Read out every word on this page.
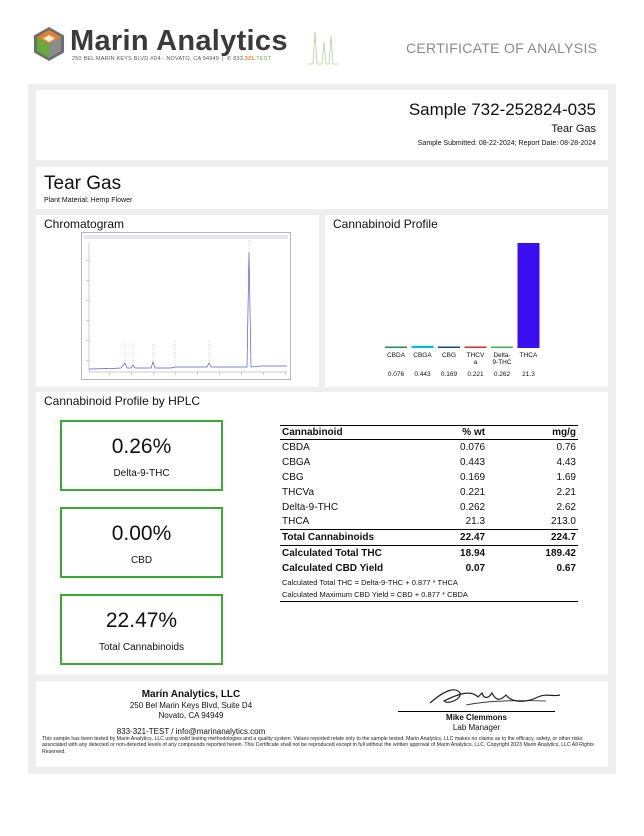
Marin Analytics
250 BEL MARIN KEYS BLVD #D4 - NOVATO, CA 94949 | ✆ 833.321.TEST
CERTIFICATE OF ANALYSIS
Sample 732-252824-035
Tear Gas
Sample Submitted: 08-22-2024; Report Date: 08-28-2024
Tear Gas
Plant Material: Hemp Flower
Chromatogram	Cannabinoid Profile
CBDA
0.076
CBGA
0.443
CBG
0.169
THCV
a
0.221
Delta-
9-THC
0.262
THCA
21.3
Cannabinoid Profile by HPLC
0.26%
Delta-9-THC
0.00%
CBD
22.47%
Total Cannabinoids
Cannabinoid	% wt	mg/g
CBDA	0.076	0.76
CBGA	0.443	4.43
CBG	0.169	1.69
THCVa	0.221	2.21
Delta-9-THC	0.262	2.62
THCA	21.3	213.0
Total Cannabinoids	22.47	224.7
Calculated Total THC	18.94	189.42
Calculated CBD Yield	0.07	0.67
Calculated Total THC = Delta-9-THC + 0.877 * THCA		
Calculated Maximum CBD Yield = CBD + 0.877 * CBDA		
Marin Analytics, LLC
250 Bel Marin Keys Blvd, Suite D4
Novato, CA 94949
833-321-TEST / info@marinanalytics.com
Mike Clemmons
Lab Manager
This sample has been tested by Marin Analytics, LLC using valid testing methodologies and a quality system. Values reported relate only to the sample tested. Marin Analytics, LLC makes no claims as to the efficacy, safety, or other risks associated with any detected or non-detected levels of any compounds reported herein. This Certificate shall not be reproduced except in full without the written approval of Marin Analytics, LLC. Copyright 2023 Marin Analytics, LLC All Rights Reserved.
